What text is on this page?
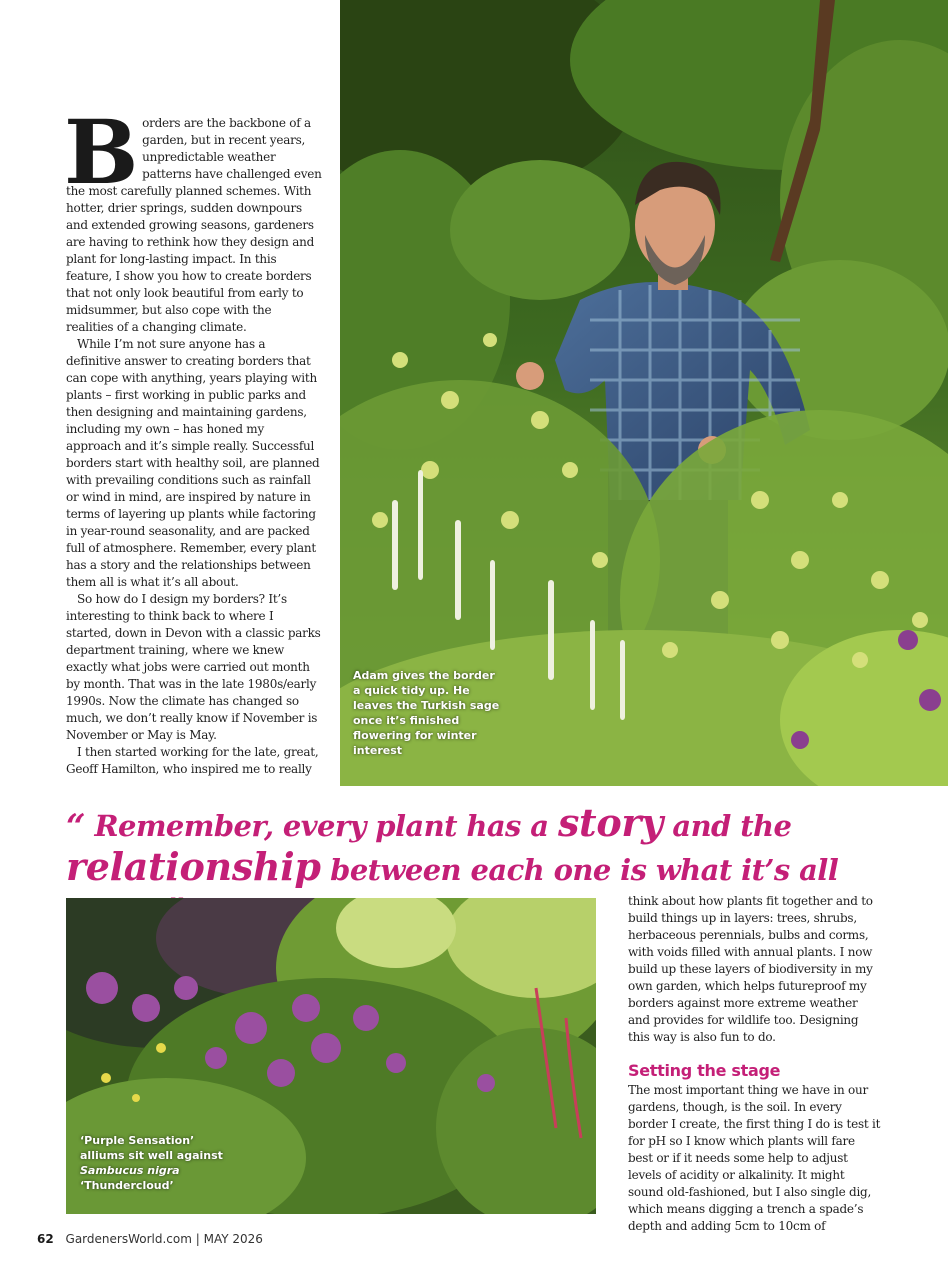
Borders are the backbone of a garden, but in recent years, unpredictable weather patterns have challenged even the most carefully planned schemes. With hotter, drier springs, sudden downpours and extended growing seasons, gardeners are having to rethink how they design and plant for long-lasting impact. In this feature, I show you how to create borders that not only look beautiful from early to midsummer, but also cope with the realities of a changing climate.

While I’m not sure anyone has a definitive answer to creating borders that can cope with anything, years playing with plants – first working in public parks and then designing and maintaining gardens, including my own – has honed my approach and it’s simple really. Successful borders start with healthy soil, are planned with prevailing conditions such as rainfall or wind in mind, are inspired by nature in terms of layering up plants while factoring in year-round seasonality, and are packed full of atmosphere. Remember, every plant has a story and the relationships between them all is what it’s all about.

So how do I design my borders? It’s interesting to think back to where I started, down in Devon with a classic parks department training, where we knew exactly what jobs were carried out month by month. That was in the late 1980s/early 1990s. Now the climate has changed so much, we don’t really know if November is November or May is May.

I then started working for the late, great, Geoff Hamilton, who inspired me to really

Adam gives the border a quick tidy up. He leaves the Turkish sage once it’s finished flowering for winter interest
“ Remember, every plant has a story and the
relationship between each one is what it’s all
‘Purple Sensation’ alliums sit well against Sambucus nigra ‘Thundercloud’

think about how plants fit together and to build things up in layers: trees, shrubs, herbaceous perennials, bulbs and corms, with voids filled with annual plants. I now build up these layers of biodiversity in my own garden, which helps futureproof my borders against more extreme weather and provides for wildlife too. Designing this way is also fun to do.

Setting the stage

The most important thing we have in our gardens, though, is the soil. In every border I create, the first thing I do is test it for pH so I know which plants will fare best or if it needs some help to adjust levels of acidity or alkalinity. It might sound old-fashioned, but I also single dig, which means digging a trench a spade’s depth and adding 5cm to 10cm of

62 GardenersWorld.com | MAY 2026
